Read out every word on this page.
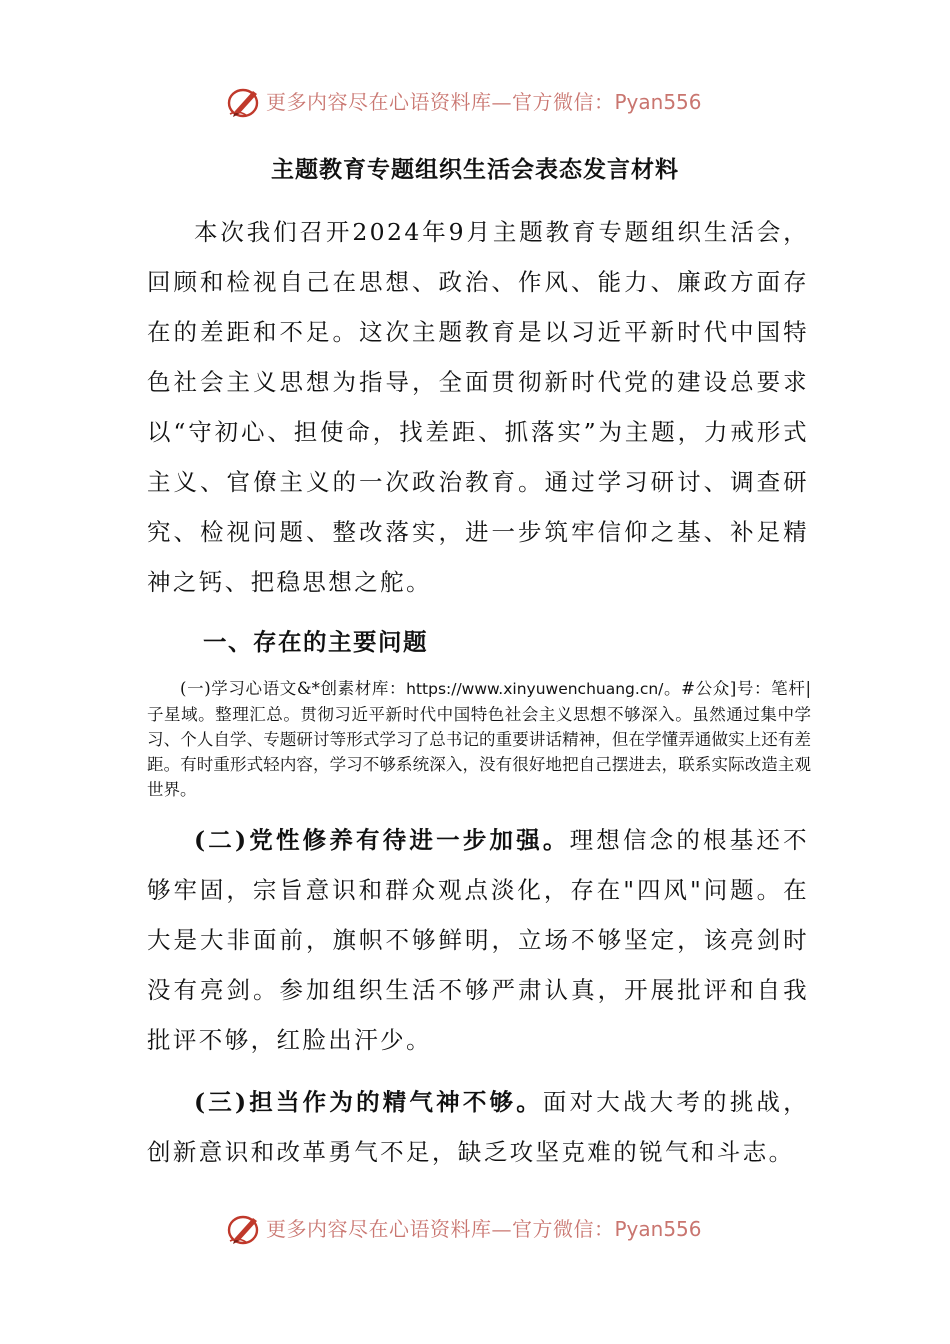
更多内容尽在心语资料库—官方微信：Pyan556
主题教育专题组织生活会表态发言材料

本次我们召开2024年9月主题教育专题组织生活会，回顾和检视自己在思想、政治、作风、能力、廉政方面存在的差距和不足。这次主题教育是以习近平新时代中国特色社会主义思想为指导，全面贯彻新时代党的建设总要求以“守初心、担使命，找差距、抓落实”为主题，力戒形式主义、官僚主义的一次政治教育。通过学习研讨、调查研究、检视问题、整改落实，进一步筑牢信仰之基、补足精神之钙、把稳思想之舵。

一、存在的主要问题

(一)学习心语文&*创素材库：https://www.xinyuwenchuang.cn/。#公众]号：笔杆|子星域。整理汇总。贯彻习近平新时代中国特色社会主义思想不够深入。虽然通过集中学习、个人自学、专题研讨等形式学习了总书记的重要讲话精神，但在学懂弄通做实上还有差距。有时重形式轻内容，学习不够系统深入，没有很好地把自己摆进去，联系实际改造主观世界。

(二)党性修养有待进一步加强。理想信念的根基还不够牢固，宗旨意识和群众观点淡化，存在"四风"问题。在大是大非面前，旗帜不够鲜明，立场不够坚定，该亮剑时没有亮剑。参加组织生活不够严肃认真，开展批评和自我批评不够，红脸出汗少。

(三)担当作为的精气神不够。面对大战大考的挑战，创新意识和改革勇气不足，缺乏攻坚克难的锐气和斗志。

更多内容尽在心语资料库—官方微信：Pyan556
